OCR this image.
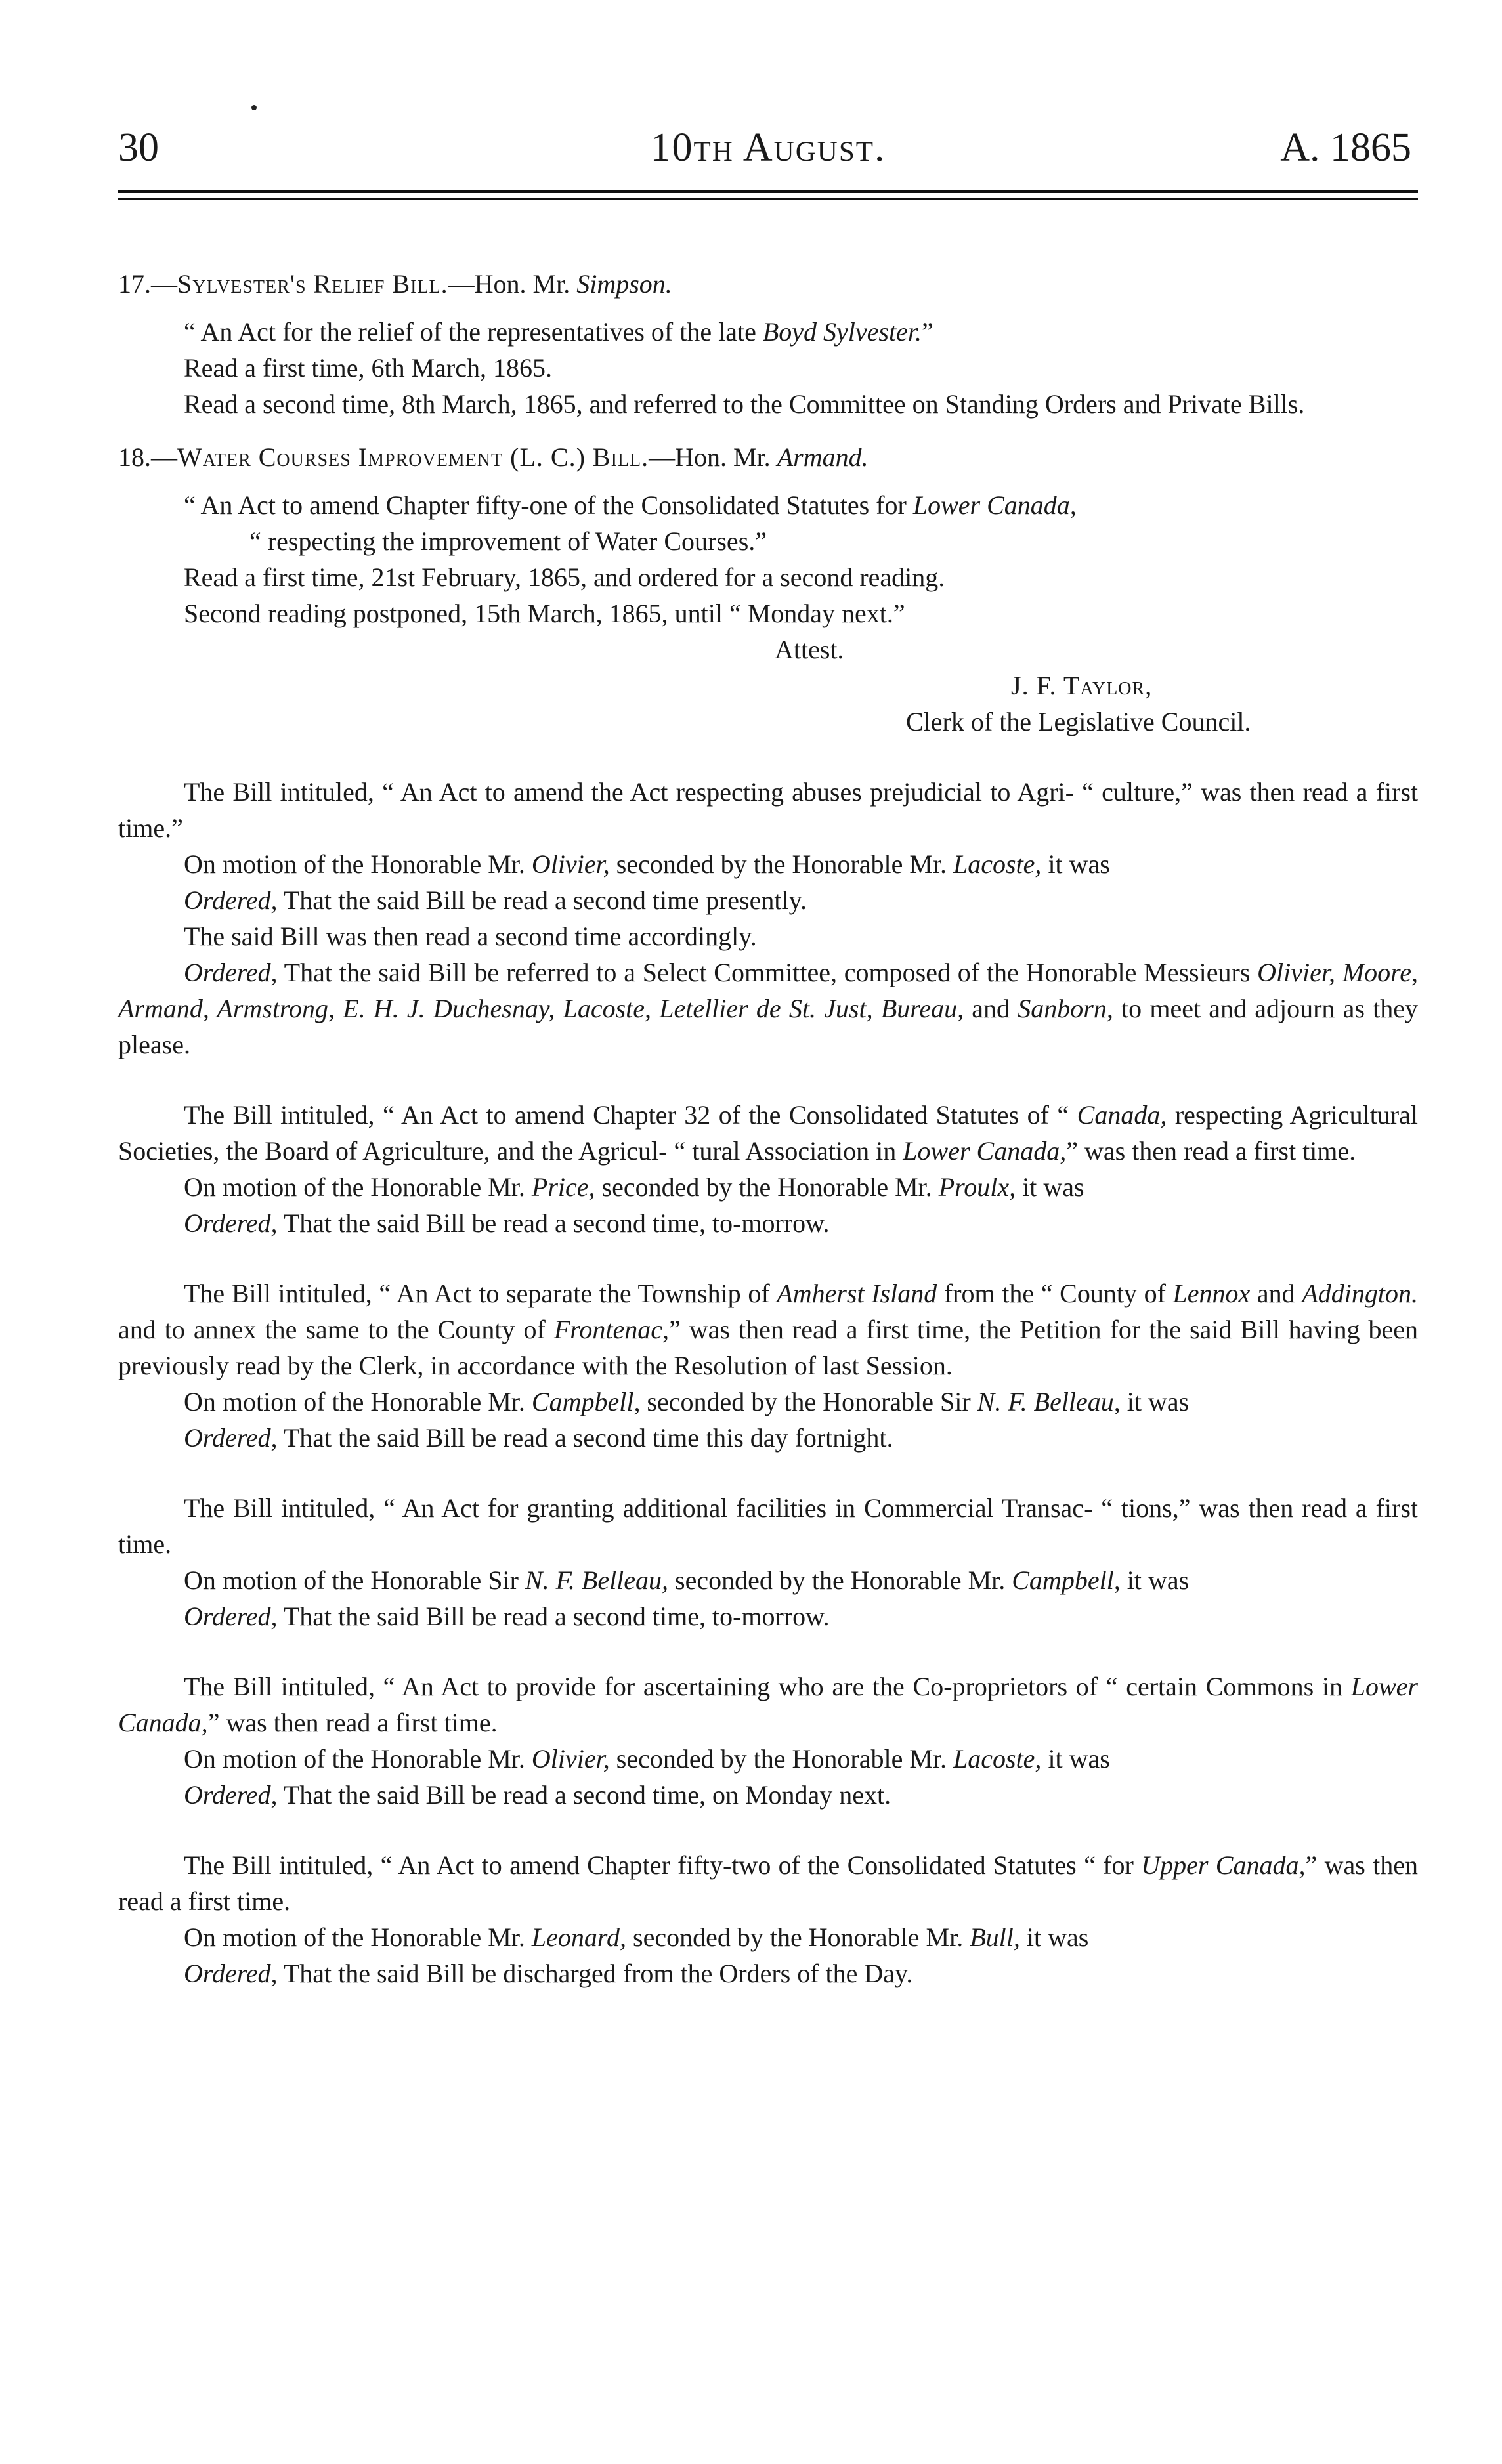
30	10th August.	A. 1865

17.—Sylvester's Relief Bill.—Hon. Mr. Simpson.

“ An Act for the relief of the representatives of the late Boyd Sylvester.”

Read a first time, 6th March, 1865.

Read a second time, 8th March, 1865, and referred to the Committee on Standing Orders and Private Bills.

18.—Water Courses Improvement (L. C.) Bill.—Hon. Mr. Armand.

“ An Act to amend Chapter fifty-one of the Consolidated Statutes for Lower Canada,

“ respecting the improvement of Water Courses.”

Read a first time, 21st February, 1865, and ordered for a second reading.

Second reading postponed, 15th March, 1865, until “ Monday next.”

Attest.

J. F. Taylor,

Clerk of the Legislative Council.

The Bill intituled, “ An Act to amend the Act respecting abuses prejudicial to Agri- “ culture,” was then read a first time.”

On motion of the Honorable Mr. Olivier, seconded by the Honorable Mr. Lacoste, it was

Ordered, That the said Bill be read a second time presently.

The said Bill was then read a second time accordingly.

Ordered, That the said Bill be referred to a Select Committee, composed of the Honorable Messieurs Olivier, Moore, Armand, Armstrong, E. H. J. Duchesnay, Lacoste, Letellier de St. Just, Bureau, and Sanborn, to meet and adjourn as they please.

The Bill intituled, “ An Act to amend Chapter 32 of the Consolidated Statutes of “ Canada, respecting Agricultural Societies, the Board of Agriculture, and the Agricul- “ tural Association in Lower Canada,” was then read a first time.

On motion of the Honorable Mr. Price, seconded by the Honorable Mr. Proulx, it was

Ordered, That the said Bill be read a second time, to-morrow.

The Bill intituled, “ An Act to separate the Township of Amherst Island from the “ County of Lennox and Addington. and to annex the same to the County of Frontenac,” was then read a first time, the Petition for the said Bill having been previously read by the Clerk, in accordance with the Resolution of last Session.

On motion of the Honorable Mr. Campbell, seconded by the Honorable Sir N. F. Belleau, it was

Ordered, That the said Bill be read a second time this day fortnight.

The Bill intituled, “ An Act for granting additional facilities in Commercial Transac- “ tions,” was then read a first time.

On motion of the Honorable Sir N. F. Belleau, seconded by the Honorable Mr. Campbell, it was

Ordered, That the said Bill be read a second time, to-morrow.

The Bill intituled, “ An Act to provide for ascertaining who are the Co-proprietors of “ certain Commons in Lower Canada,” was then read a first time.

On motion of the Honorable Mr. Olivier, seconded by the Honorable Mr. Lacoste, it was

Ordered, That the said Bill be read a second time, on Monday next.

The Bill intituled, “ An Act to amend Chapter fifty-two of the Consolidated Statutes “ for Upper Canada,” was then read a first time.

On motion of the Honorable Mr. Leonard, seconded by the Honorable Mr. Bull, it was

Ordered, That the said Bill be discharged from the Orders of the Day.
